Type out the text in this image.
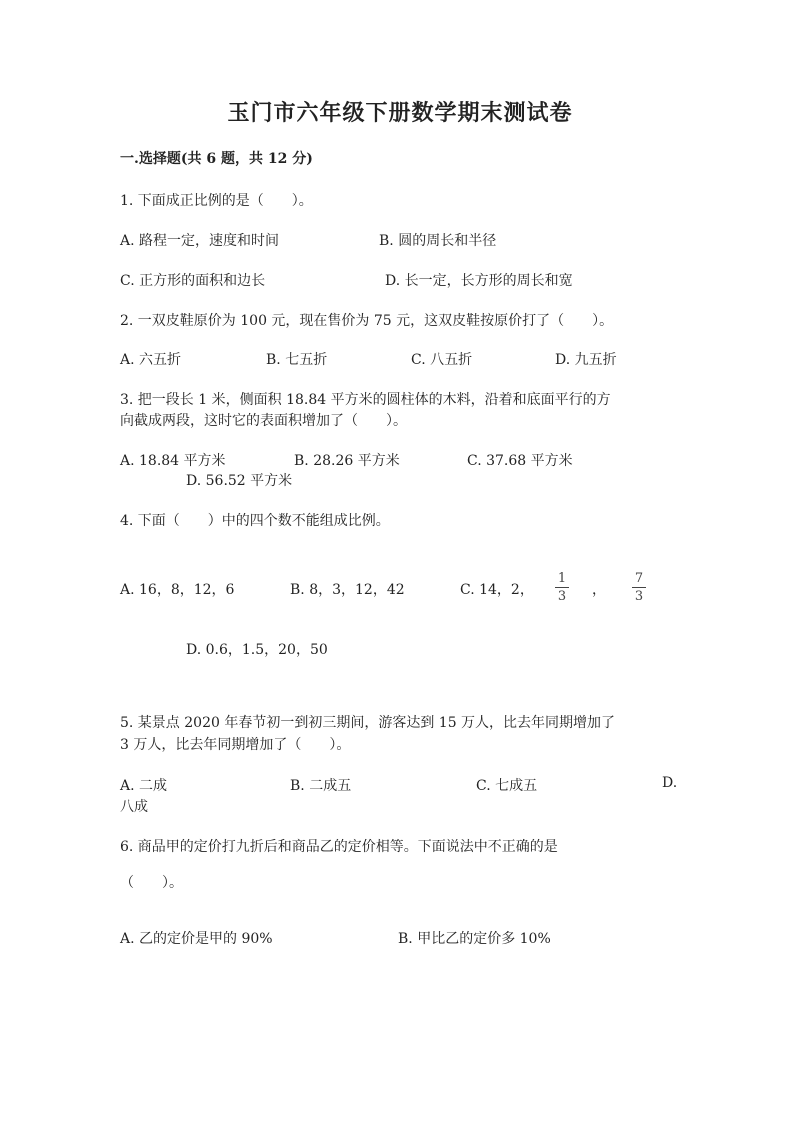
玉门市六年级下册数学期末测试卷
一.选择题(共 6 题，共 12 分)
1. 下面成正比例的是（　　）。
A. 路程一定，速度和时间	B. 圆的周长和半径
C. 正方形的面积和边长	D. 长一定，长方形的周长和宽
2. 一双皮鞋原价为 100 元，现在售价为 75 元，这双皮鞋按原价打了（　　）。
A. 六五折	B. 七五折	C. 八五折	D. 九五折
3. 把一段长 1 米，侧面积 18.84 平方米的圆柱体的木料，沿着和底面平行的方
向截成两段，这时它的表面积增加了（　　）。
A. 18.84 平方米	B. 28.26 平方米	C. 37.68 平方米
D. 56.52 平方米
4. 下面（　　）中的四个数不能组成比例。
A. 16，8，12，6	B. 8，3，12，42	C. 14，2，
1
3 ，
7
3
D. 0.6，1.5，20，50
5. 某景点 2020 年春节初一到初三期间，游客达到 15 万人，比去年同期增加了
3 万人，比去年同期增加了（　　）。
A. 二成	B. 二成五	C. 七成五	D.
八成
6. 商品甲的定价打九折后和商品乙的定价相等。下面说法中不正确的是
（　　）。
A. 乙的定价是甲的 90%	B. 甲比乙的定价多 10%
